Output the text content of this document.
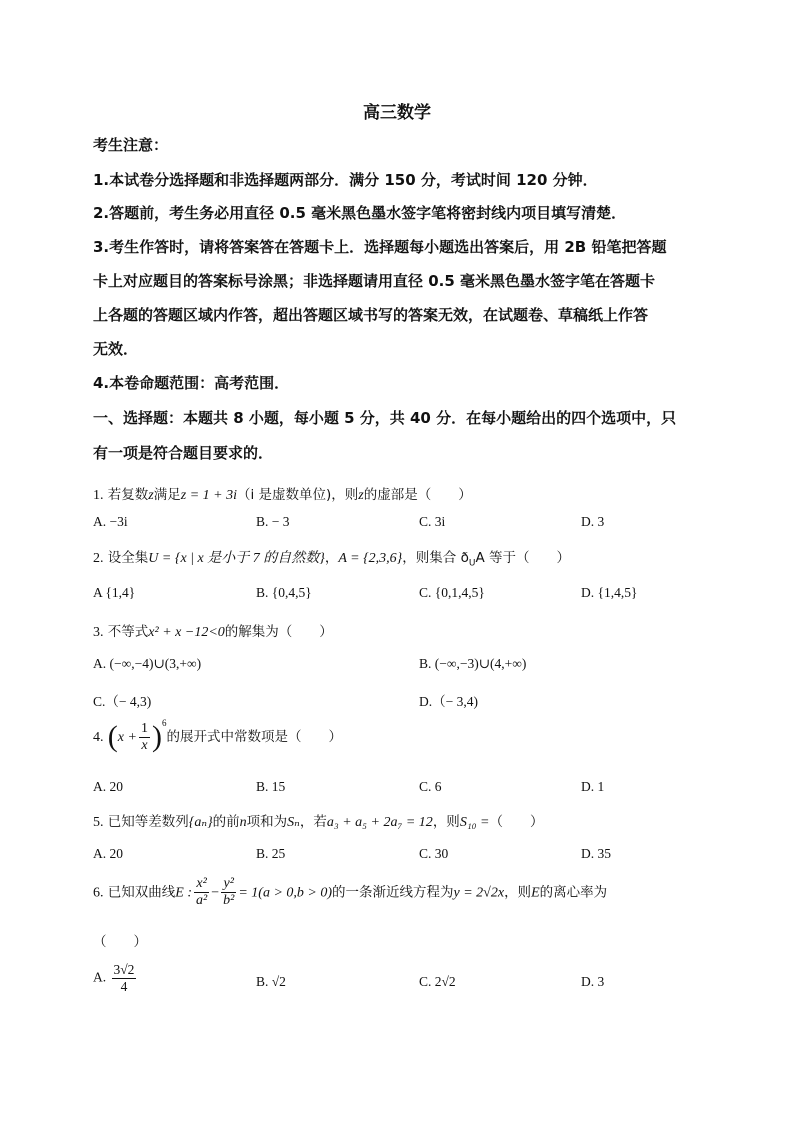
高三数学
考生注意：
1.本试卷分选择题和非选择题两部分．满分 150 分，考试时间 120 分钟．
2.答题前，考生务必用直径 0.5 毫米黑色墨水签字笔将密封线内项目填写清楚．
3.考生作答时，请将答案答在答题卡上．选择题每小题选出答案后，用 2B 铅笔把答题
卡上对应题目的答案标号涂黑；非选择题请用直径 0.5 毫米黑色墨水签字笔在答题卡
上各题的答题区域内作答，超出答题区域书写的答案无效，在试题卷、草稿纸上作答
无效．
4.本卷命题范围：高考范围．
一、选择题：本题共 8 小题，每小题 5 分，共 40 分．在每小题给出的四个选项中，只
有一项是符合题目要求的．
1. 若复数z满足z = 1 + 3i（i 是虚数单位)，则z的虚部是（　　）
A. −3i	B. − 3	C. 3i	D. 3
2. 设全集U = {x | x 是小于 7 的自然数}，A = {2,3,6}，则集合 $ð_UA$ 等于（　　）
A {1,4}	B. {0,4,5}	C. {0,1,4,5}	D. {1,4,5}
3. 不等式x² + x −12<0的解集为（　　）
A. (−∞,−4)∪(3,+∞)	B. (−∞,−3)∪(4,+∞)
C.（− 4,3)	D.（− 3,4)
4. $(x + \frac{1}{x} )^6$的展开式中常数项是（　　）
A. 20	B. 15	C. 6	D. 1
5. 已知等差数列{aₙ}的前n项和为Sₙ，若a₃ + a₅ + 2a₇ = 12，则S₁₀ =（　　）
A. 20	B. 25	C. 30	D. 35
6. 已知双曲线E : $\frac{\text{x²}}{\text{a²}} - \frac{\text{y²}}{\text{b²}} = 1(a > 0,b > 0)$的一条渐近线方程为y = 2√2x，则E的离心率为
（　　）
A. $\frac{3√2}{4}$	B. √2	C. 2√2	D. 3
